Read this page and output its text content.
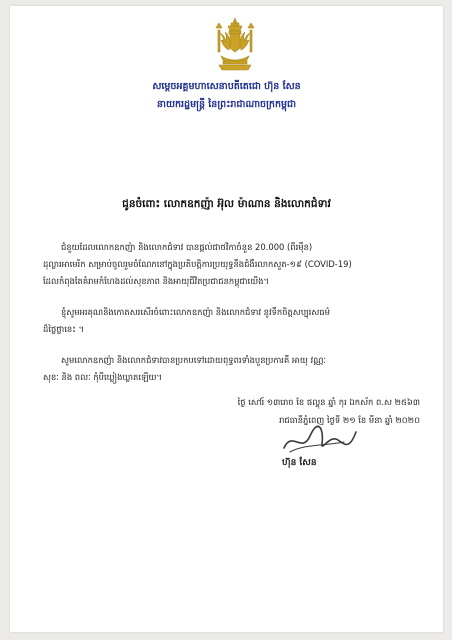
សម្ដេចអគ្គមហាសេនាបតីតេជោ ហ៊ុន សែន
នាយករដ្ឋមន្ត្រី នៃព្រះរាជាណាចក្រកម្ពុជា
ជូនចំពោះ លោកឧកញ៉ា អ៊ុល ម៉ាណាន និងលោកជំទាវ
ជំនួយដែលលោកឧកញ៉ា និងលោកជំទាវ បានផ្ដល់ជាថវិកាចំនួន 20.000 (ពីរម៉ឺន)
ដុល្លារអាមេរិក សម្រាប់ចូលរួមចំណែកនៅក្នុងប្រតិបត្តិការប្រយុទ្ធនឹងជំងឺរលាកសួត-១៩ (COVID-19)
ដែលកំពុងតែគំរាមកំហែងដល់សុខភាព និងអាយុជីវិតប្រជាជនកម្ពុជាយើង។
ខ្ញុំសូមអរគុណនិងកោតសរសើរចំពោះលោកឧកញ៉ា និងលោកជំទាវ នូវទឹកចិត្តសប្បុរសធម៌
ដ៏ថ្លៃថ្លានេះ ។
សូមលោកឧកញ៉ា និងលោកជំទាវបានប្រកបទៅដោយពុទ្ធពរទាំងបួនប្រការគឺ អាយុ វណ្ណៈ
សុខៈ និង ពលៈ កុំបីឃ្លៀងឃ្លាតឡើយ។
ថ្ងៃ សៅរ៍ ១៣រោច ខែ ផល្គុន ឆ្នាំ កុរ ឯកស័ក ព.ស ២៥៦៣
រាជធានីភ្នំពេញ ថ្ងៃទី ២១ ខែ មីនា ឆ្នាំ ២០២០
ហ៊ុន សែន
